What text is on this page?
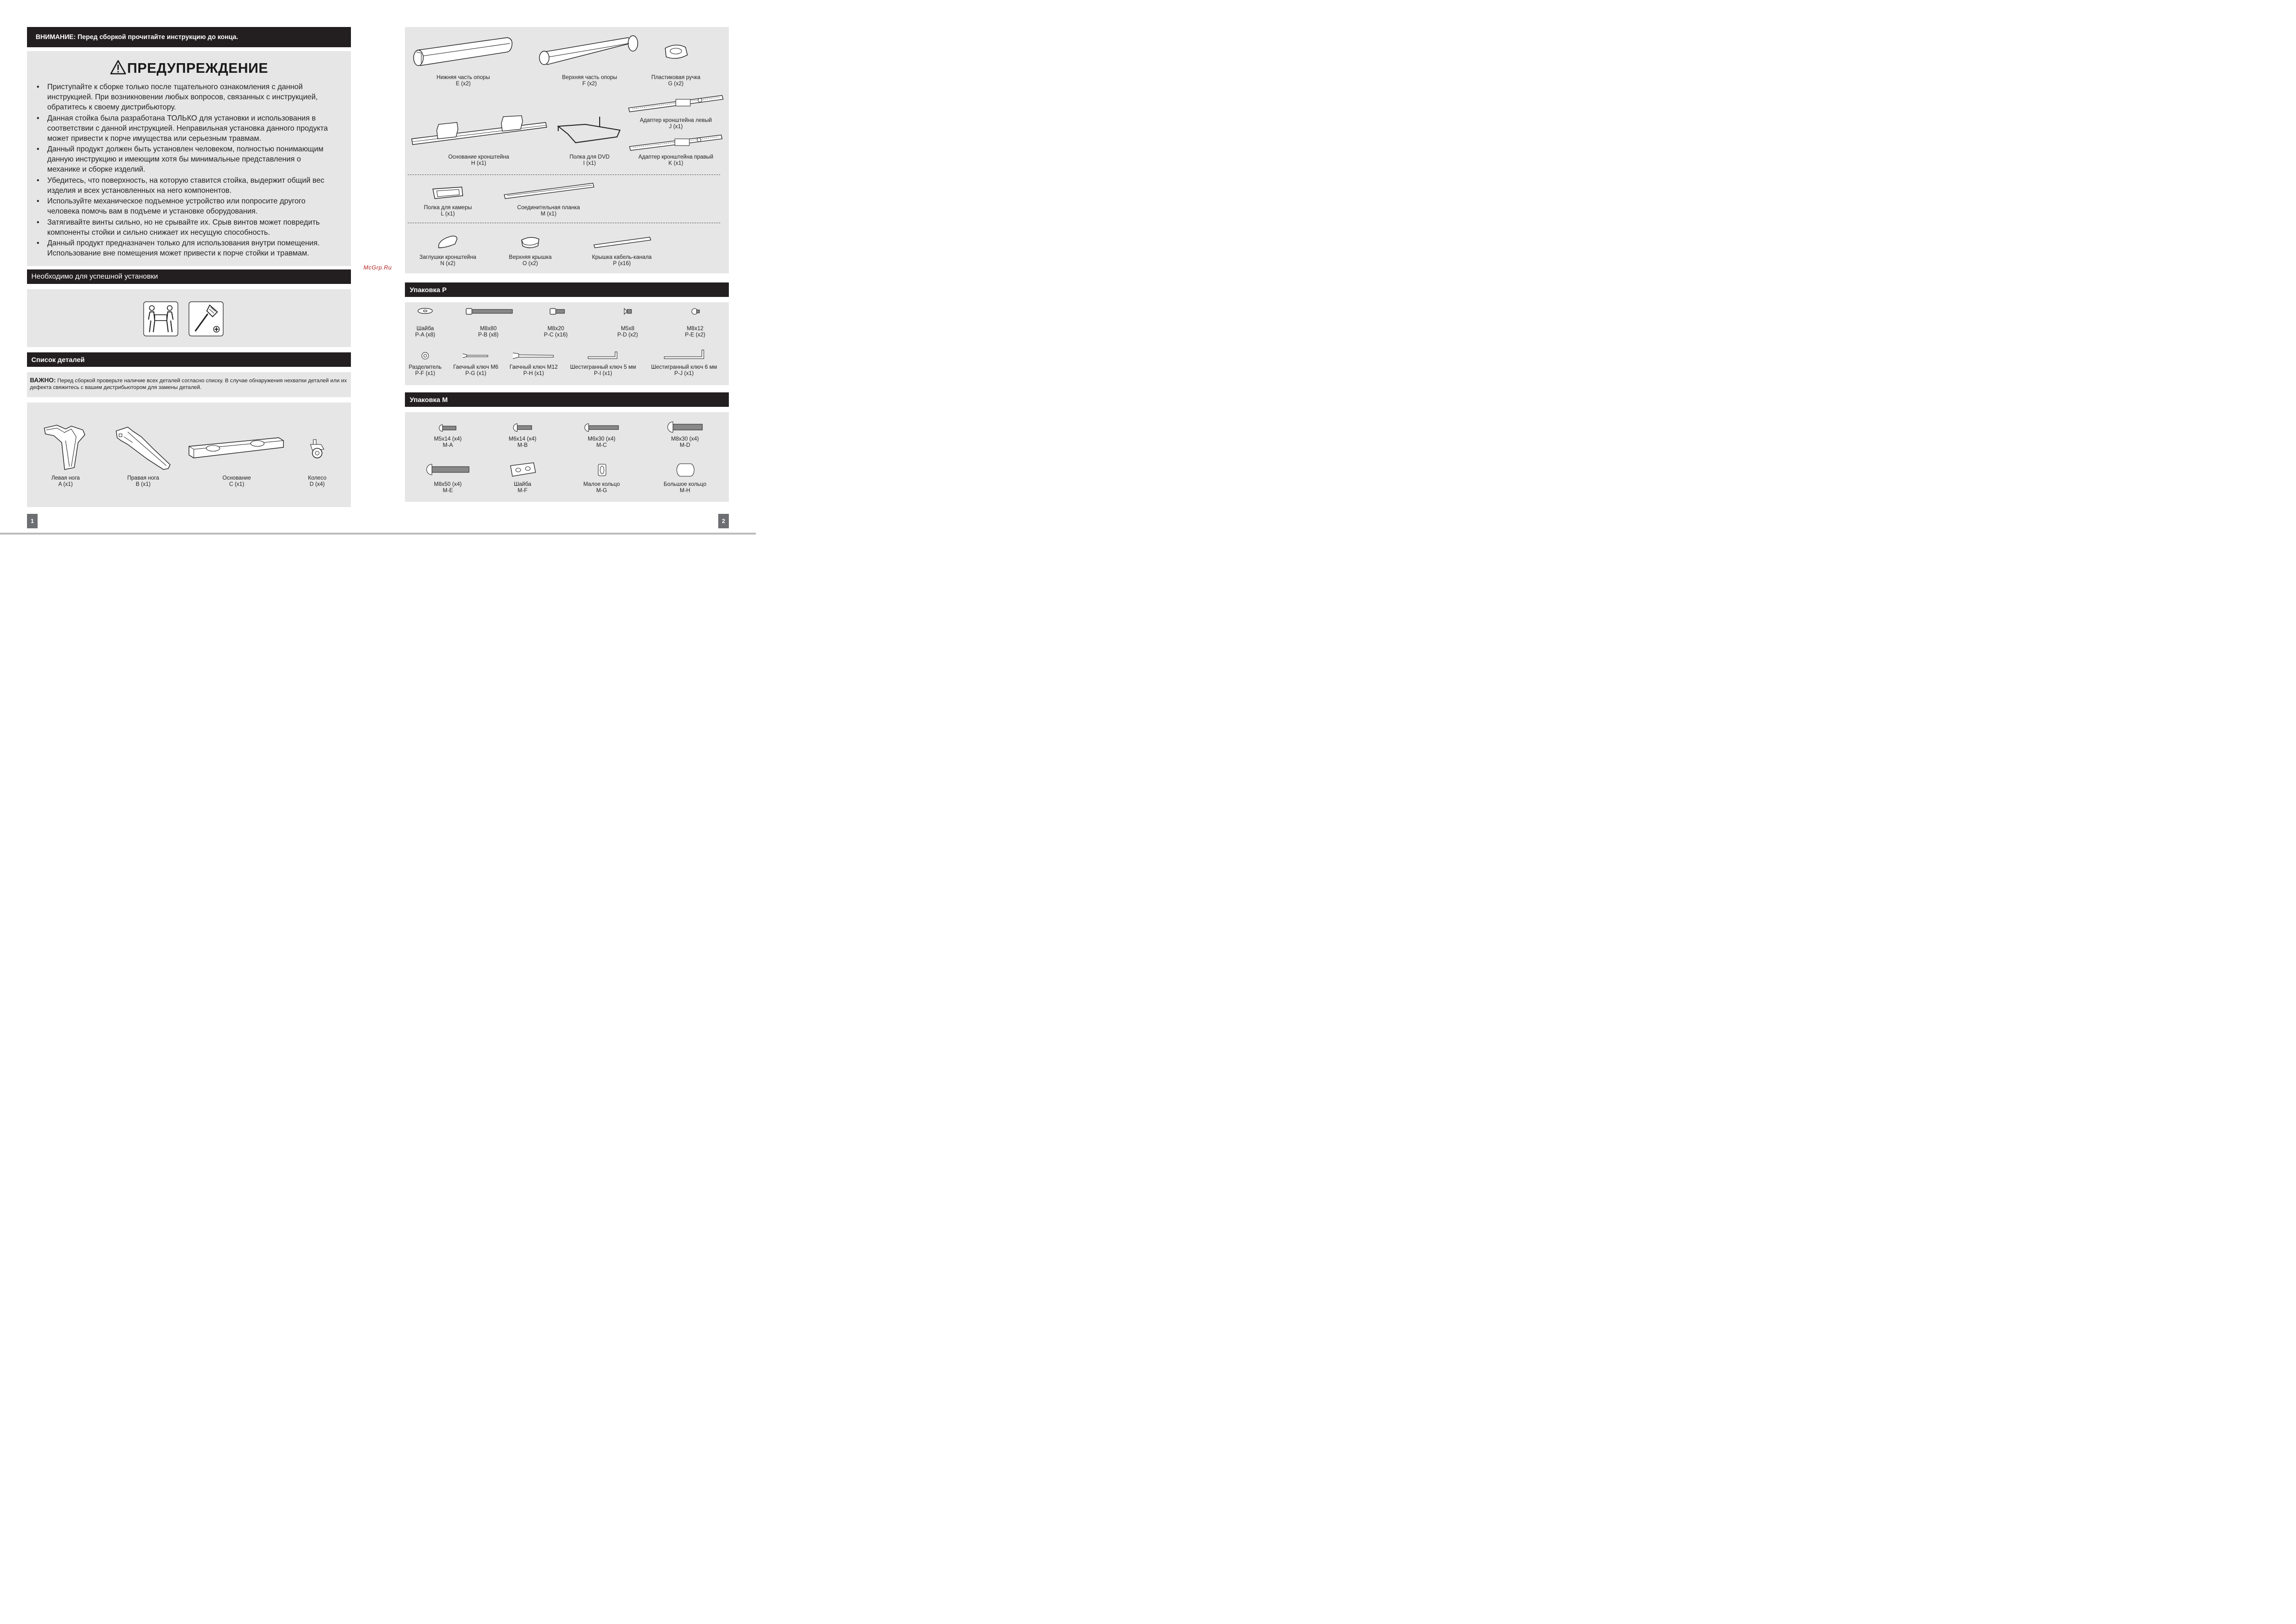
ВНИМАНИЕ: Перед сборкой прочитайте инструкцию до конца.
ПРЕДУПРЕЖДЕНИЕ
• Приступайте к сборке только после тщательного ознакомления с данной инструкцией. При возникновении любых вопросов, связанных с инструкцией, обратитесь к своему дистрибьютору.
• Данная стойка была разработана ТОЛЬКО для установки и использования в соответствии с данной инструкцией. Неправильная установка данного продукта может привести к порче имущества или серьезным травмам.
• Данный продукт должен быть установлен человеком, полностью понимающим данную инструкцию и имеющим хотя бы минимальные представления о механике и сборке изделий.
• Убедитесь, что поверхность, на которую ставится стойка, выдержит общий вес изделия и всех установленных на него компонентов.
• Используйте механическое подъемное устройство или попросите другого человека помочь вам в подъеме и установке оборудования.
• Затягивайте винты сильно, но не срывайте их. Срыв винтов может повредить компоненты стойки и сильно снижает их несущую способность.
• Данный продукт предназначен только для использования внутри помещения. Использование вне помещения может привести к порче стойки и травмам.
Необходимо для успешной установки
Список деталей
ВАЖНО: Перед сборкой проверьте наличие всех деталей согласно списку. В случае обнаружения нехватки деталей или их дефекта свяжитесь с вашим дистрибьютором для замены деталей.
Левая нога
A (x1)
Правая нога
B (x1)
Основание
C (x1)
Колесо
D (x4)
1
McGrp.Ru
Нижняя часть опоры
E (x2)
Верхняя часть опоры
F (x2)
Пластиковая ручка
G (x2)
Адаптер кронштейна левый
J (x1)
Основание кронштейна
H (x1)
Полка для DVD
I (x1)
Адаптер кронштейна правый
K (x1)
Полка для камеры
L (x1)
Соединительная планка
M (x1)
Заглушки кронштейна
N (x2)
Верхняя крышка
O (x2)
Крышка кабель-канала
P (x16)
Упаковка P
Шайба
P-A (x8)
M8x80
P-B (x8)
M8x20
P-C (x16)
M5x8
P-D (x2)
M8x12
P-E (x2)
Разделитель
P-F (x1)
Гаечный ключ M6
P-G (x1)
Гаечный ключ M12
P-H (x1)
Шестигранный ключ 5 мм
P-I (x1)
Шестигранный ключ 6 мм
P-J (x1)
Упаковка M
M5x14 (x4)
M-A
M6x14 (x4)
M-B
M6x30 (x4)
M-C
M8x30 (x4)
M-D
M8x50 (x4)
M-E
Шайба
M-F
Малое кольцо
M-G
Большое кольцо
M-H
2
